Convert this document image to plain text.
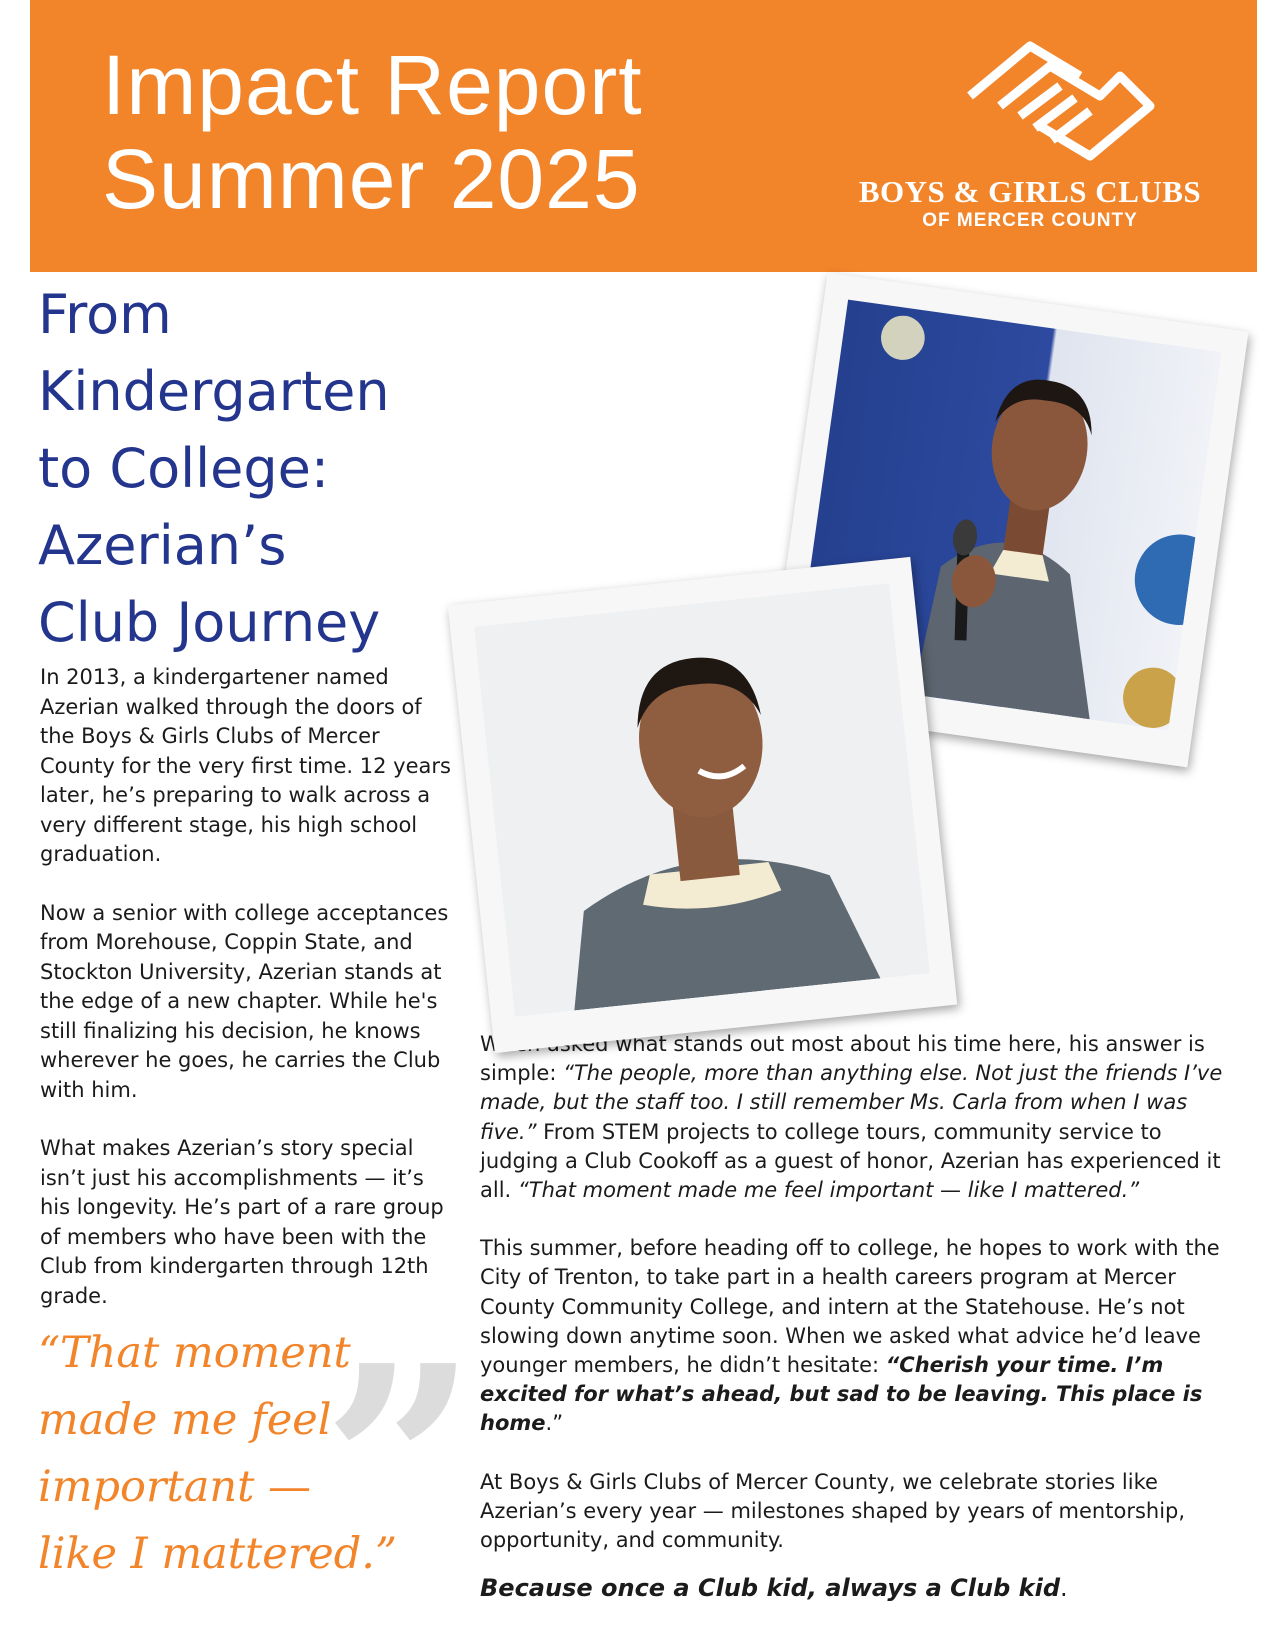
Impact Report
Summer 2025	BOYS & GIRLS CLUBS
OF MERCER COUNTY
From
Kindergarten
to College:
Azerian’s
Club Journey

In 2013, a kindergartener named Azerian walked through the doors of the Boys & Girls Clubs of Mercer County for the very first time. 12 years later, he’s preparing to walk across a very different stage, his high school graduation.

Now a senior with college acceptances from Morehouse, Coppin State, and Stockton University, Azerian stands at the edge of a new chapter. While he's still finalizing his decision, he knows wherever he goes, he carries the Club with him.

What makes Azerian’s story special isn’t just his accomplishments — it’s his longevity. He’s part of a rare group of members who have been with the Club from kindergarten through 12th grade.

”
“That moment
made me feel
important —
like I mattered.”

When asked what stands out most about his time here, his answer is simple: “The people, more than anything else. Not just the friends I’ve made, but the staff too. I still remember Ms. Carla from when I was five.” From STEM projects to college tours, community service to judging a Club Cookoff as a guest of honor, Azerian has experienced it all. “That moment made me feel important — like I mattered.”

This summer, before heading off to college, he hopes to work with the City of Trenton, to take part in a health careers program at Mercer County Community College, and intern at the Statehouse. He’s not slowing down anytime soon. When we asked what advice he’d leave younger members, he didn’t hesitate: “Cherish your time. I’m excited for what’s ahead, but sad to be leaving. This place is home.”

At Boys & Girls Clubs of Mercer County, we celebrate stories like Azerian’s every year — milestones shaped by years of mentorship, opportunity, and community.

Because once a Club kid, always a Club kid.
